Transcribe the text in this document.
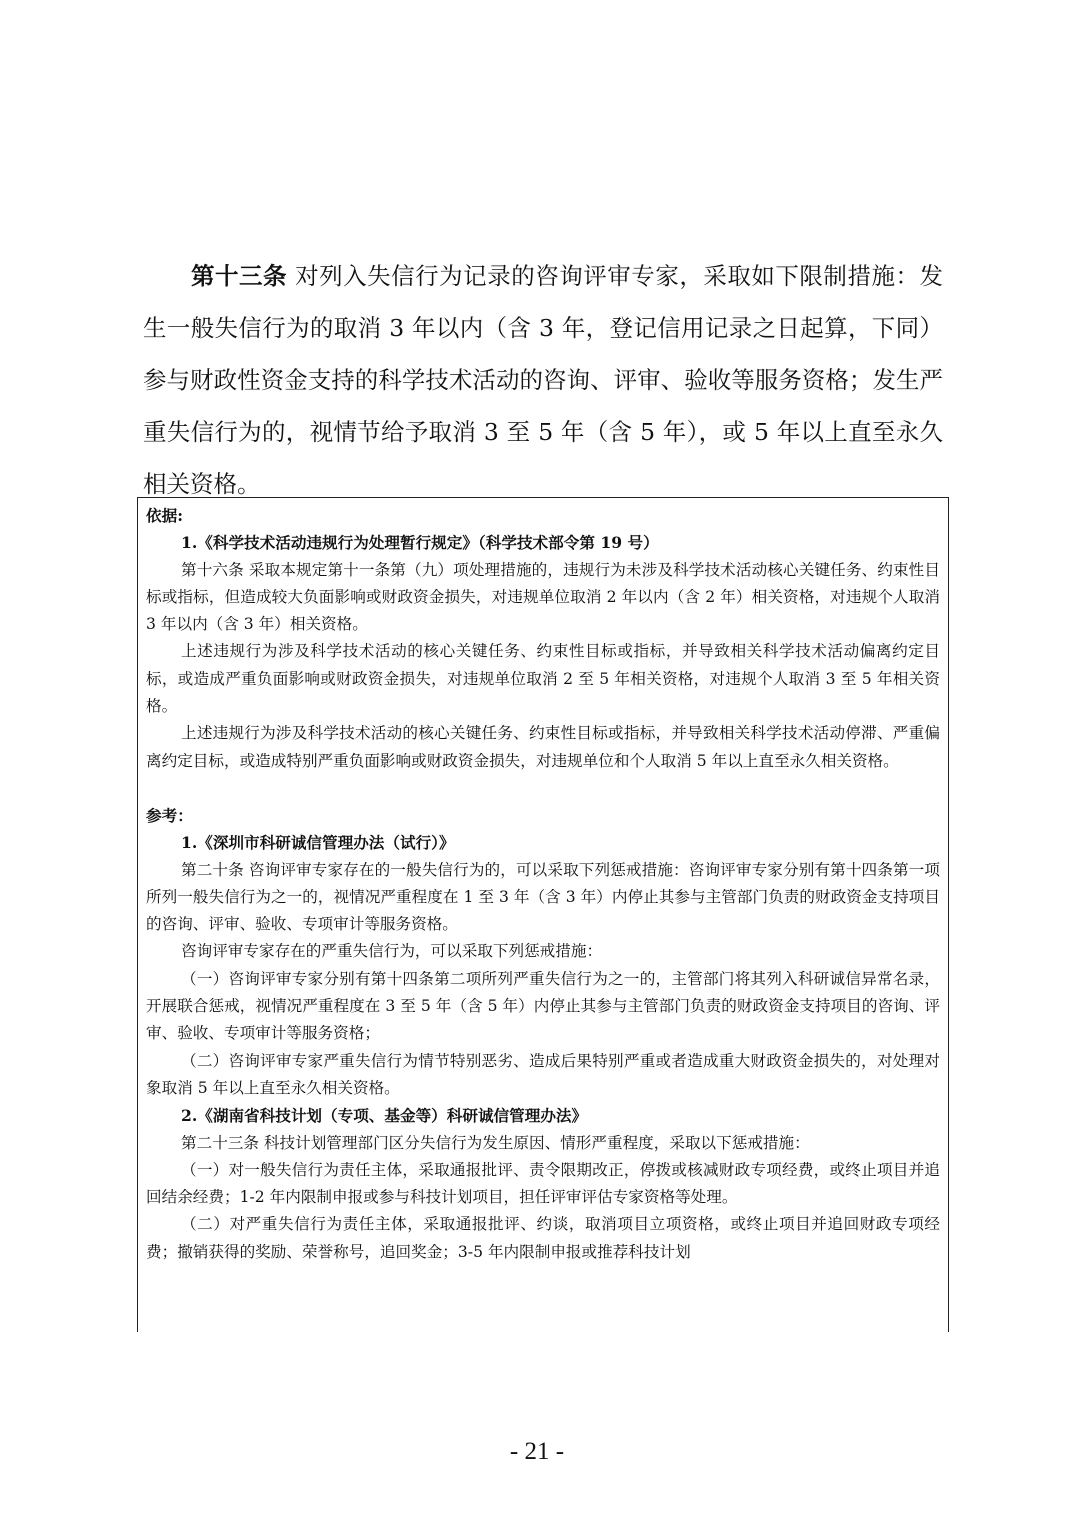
第十三条 对列入失信行为记录的咨询评审专家，采取如下限制措施：发生一般失信行为的取消 3 年以内（含 3 年，登记信用记录之日起算，下同）参与财政性资金支持的科学技术活动的咨询、评审、验收等服务资格；发生严重失信行为的，视情节给予取消 3 至 5 年（含 5 年），或 5 年以上直至永久相关资格。

依据:

1.《科学技术活动违规行为处理暂行规定》（科学技术部令第 19 号）

第十六条 采取本规定第十一条第（九）项处理措施的，违规行为未涉及科学技术活动核心关键任务、约束性目标或指标，但造成较大负面影响或财政资金损失，对违规单位取消 2 年以内（含 2 年）相关资格，对违规个人取消 3 年以内（含 3 年）相关资格。

上述违规行为涉及科学技术活动的核心关键任务、约束性目标或指标，并导致相关科学技术活动偏离约定目标，或造成严重负面影响或财政资金损失，对违规单位取消 2 至 5 年相关资格，对违规个人取消 3 至 5 年相关资格。

上述违规行为涉及科学技术活动的核心关键任务、约束性目标或指标，并导致相关科学技术活动停滞、严重偏离约定目标，或造成特别严重负面影响或财政资金损失，对违规单位和个人取消 5 年以上直至永久相关资格。

参考：

1.《深圳市科研诚信管理办法（试行）》

第二十条 咨询评审专家存在的一般失信行为的，可以采取下列惩戒措施：咨询评审专家分别有第十四条第一项所列一般失信行为之一的，视情况严重程度在 1 至 3 年（含 3 年）内停止其参与主管部门负责的财政资金支持项目的咨询、评审、验收、专项审计等服务资格。

咨询评审专家存在的严重失信行为，可以采取下列惩戒措施：

（一）咨询评审专家分别有第十四条第二项所列严重失信行为之一的，主管部门将其列入科研诚信异常名录，开展联合惩戒，视情况严重程度在 3 至 5 年（含 5 年）内停止其参与主管部门负责的财政资金支持项目的咨询、评审、验收、专项审计等服务资格；

（二）咨询评审专家严重失信行为情节特别恶劣、造成后果特别严重或者造成重大财政资金损失的，对处理对象取消 5 年以上直至永久相关资格。

2.《湖南省科技计划（专项、基金等）科研诚信管理办法》

第二十三条 科技计划管理部门区分失信行为发生原因、情形严重程度，采取以下惩戒措施：

（一）对一般失信行为责任主体，采取通报批评、责令限期改正，停拨或核减财政专项经费，或终止项目并追回结余经费；1-2 年内限制申报或参与科技计划项目，担任评审评估专家资格等处理。

（二）对严重失信行为责任主体，采取通报批评、约谈，取消项目立项资格，或终止项目并追回财政专项经费；撤销获得的奖励、荣誉称号，追回奖金；3-5 年内限制申报或推荐科技计划

- 21 -
